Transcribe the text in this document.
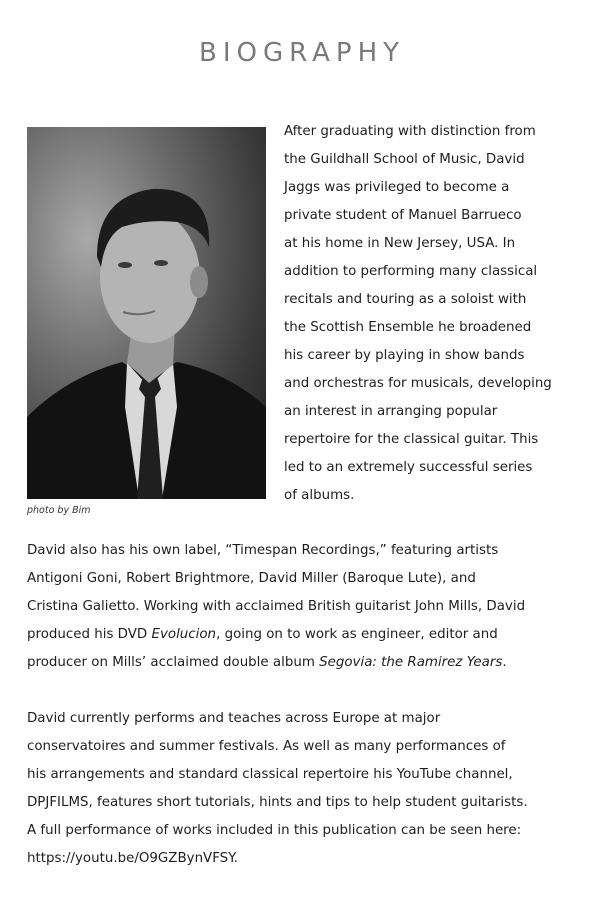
BIOGRAPHY

photo by Bim

After graduating with distinction from
the Guildhall School of Music, David
Jaggs was privileged to become a
private student of Manuel Barrueco
at his home in New Jersey, USA. In
addition to performing many classical
recitals and touring as a soloist with
the Scottish Ensemble he broadened
his career by playing in show bands
and orchestras for musicals, developing
an interest in arranging popular
repertoire for the classical guitar. This
led to an extremely successful series
of albums.
David also has his own label, “Timespan Recordings,” featuring artists
Antigoni Goni, Robert Brightmore, David Miller (Baroque Lute), and
Cristina Galietto. Working with acclaimed British guitarist John Mills, David
produced his DVD Evolucion, going on to work as engineer, editor and
producer on Mills’ acclaimed double album Segovia: the Ramirez Years.
David currently performs and teaches across Europe at major
conservatoires and summer festivals. As well as many performances of
his arrangements and standard classical repertoire his YouTube channel,
DPJFILMS, features short tutorials, hints and tips to help student guitarists.
A full performance of works included in this publication can be seen here:
https://youtu.be/O9GZBynVFSY.
